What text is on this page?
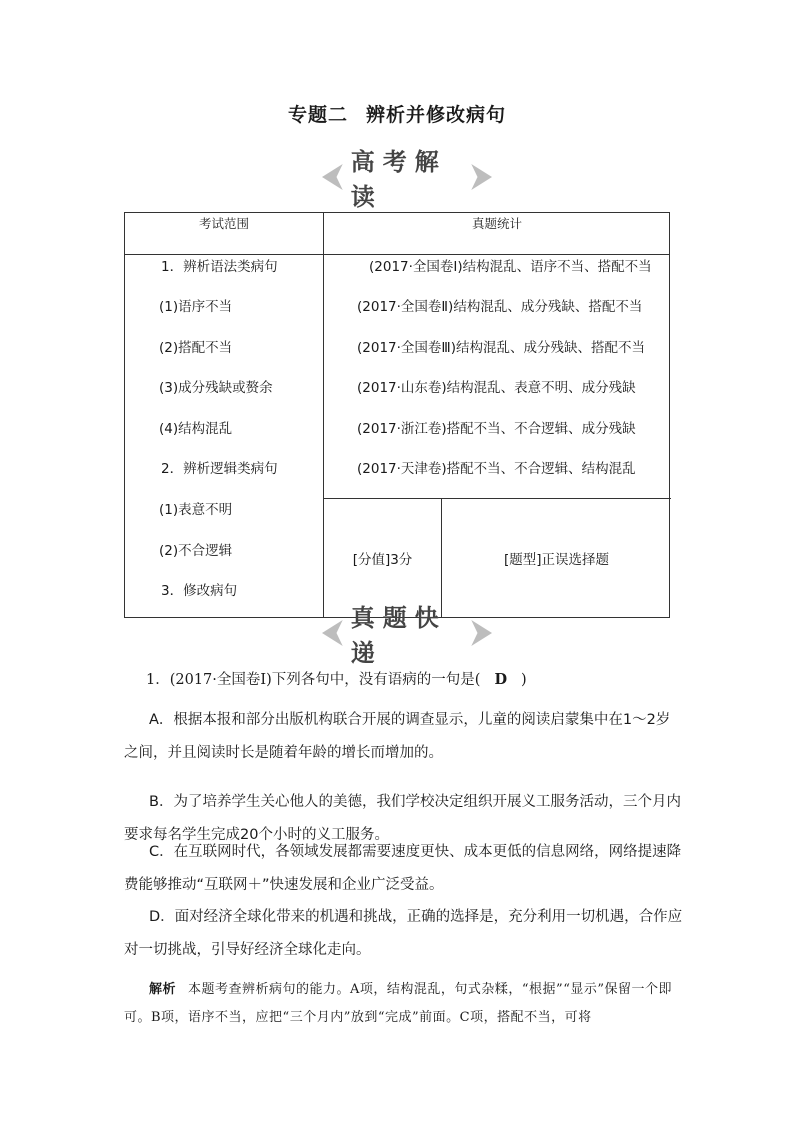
专题二 辨析并修改病句
高考解读
考试范围	真题统计
1．辨析语法类病句
(1)语序不当
(2)搭配不当
(3)成分残缺或赘余
(4)结构混乱
2．辨析逻辑类病句
(1)表意不明
(2)不合逻辑
3．修改病句
(2017·全国卷Ⅰ)结构混乱、语序不当、搭配不当
(2017·全国卷Ⅱ)结构混乱、成分残缺、搭配不当
(2017·全国卷Ⅲ)结构混乱、成分残缺、搭配不当
(2017·山东卷)结构混乱、表意不明、成分残缺
(2017·浙江卷)搭配不当、不合逻辑、成分残缺
(2017·天津卷)搭配不当、不合逻辑、结构混乱
[分值]3分	[题型]正误选择题
真题快递
1．(2017·全国卷Ⅰ)下列各句中，没有语病的一句是( D )
A．根据本报和部分出版机构联合开展的调查显示，儿童的阅读启蒙集中在1～2岁之间，并且阅读时长是随着年龄的增长而增加的。
B．为了培养学生关心他人的美德，我们学校决定组织开展义工服务活动，三个月内要求每名学生完成20个小时的义工服务。
C．在互联网时代，各领域发展都需要速度更快、成本更低的信息网络，网络提速降费能够推动“互联网＋”快速发展和企业广泛受益。
D．面对经济全球化带来的机遇和挑战，正确的选择是，充分利用一切机遇，合作应对一切挑战，引导好经济全球化走向。
解析 本题考查辨析病句的能力。A项，结构混乱，句式杂糅，“根据”“显示”保留一个即可。B项，语序不当，应把“三个月内”放到“完成”前面。C项，搭配不当，可将
